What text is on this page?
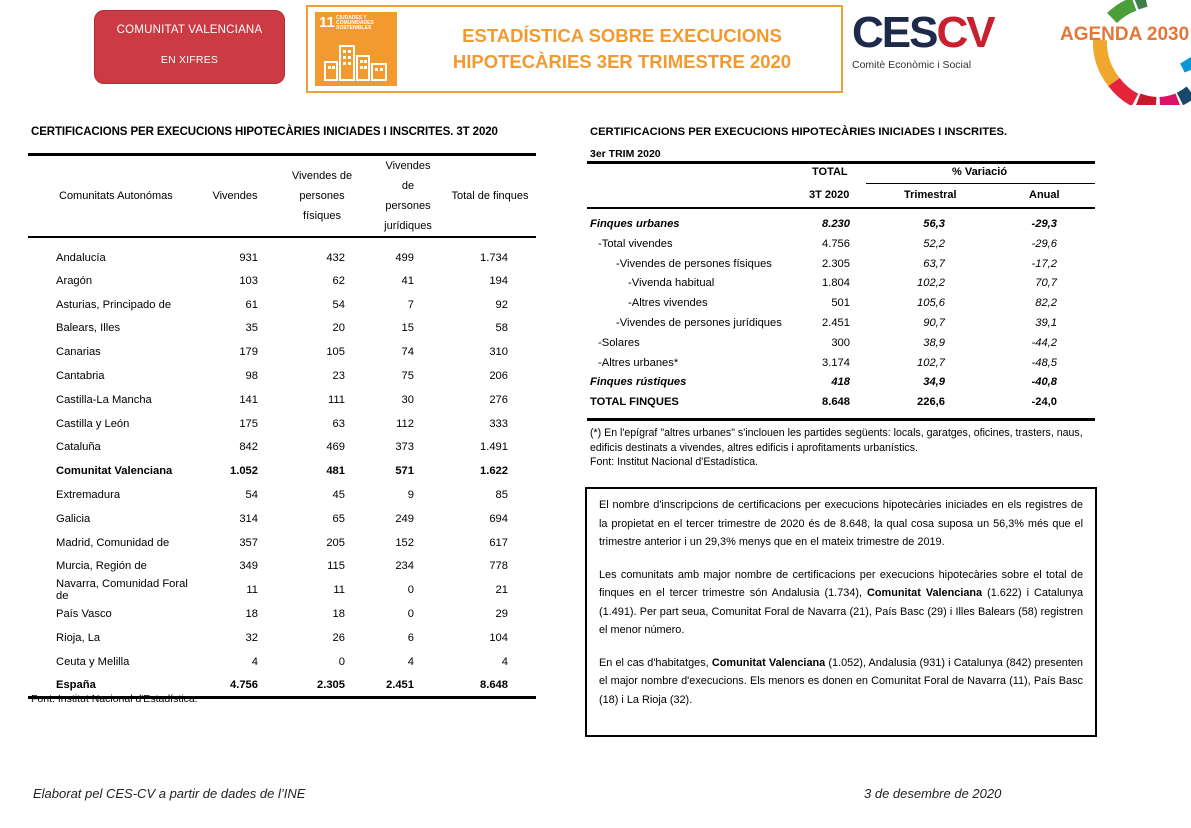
COMUNITAT VALENCIANA
EN XIFRES
11 CIUDADES Y COMUNIDADES SOSTENIBLES	ESTADÍSTICA SOBRE EXECUCIONS
HIPOTECÀRIES 3ER TRIMESTRE 2020
CESCV
Comitè Econòmic i Social
AGENDA 2030
CERTIFICACIONS PER EXECUCIONS HIPOTECÀRIES INICIADES I INSCRITES. 3T 2020
Comunitats Autonómas	Vivendes	Vivendes de persones físiques	Vivendes de persones jurídiques	Total de finques
Andalucía	931	432	499	1.734
Aragón	103	62	41	194
Asturias, Principado de	61	54	7	92
Balears, Illes	35	20	15	58
Canarias	179	105	74	310
Cantabria	98	23	75	206
Castilla-La Mancha	141	111	30	276
Castilla y León	175	63	112	333
Cataluña	842	469	373	1.491
Comunitat Valenciana	1.052	481	571	1.622
Extremadura	54	45	9	85
Galicia	314	65	249	694
Madrid, Comunidad de	357	205	152	617
Murcia, Región de	349	115	234	778
Navarra, Comunidad Foral de	11	11	0	21
País Vasco	18	18	0	29
Rioja, La	32	26	6	104
Ceuta y Melilla	4	0	4	4
España	4.756	2.305	2.451	8.648
Font: Institut Nacional d'Estadística.
CERTIFICACIONS PER EXECUCIONS HIPOTECÀRIES INICIADES I INSCRITES.
3er TRIM 2020
TOTAL	% Variació
3T 2020	Trimestral	Anual
Finques urbanes	8.230	56,3	-29,3
-Total vivendes	4.756	52,2	-29,6
-Vivendes de persones físiques	2.305	63,7	-17,2
-Vivenda habitual	1.804	102,2	70,7
-Altres vivendes	501	105,6	82,2
-Vivendes de persones jurídiques	2.451	90,7	39,1
-Solares	300	38,9	-44,2
-Altres urbanes*	3.174	102,7	-48,5
Finques rústiques	418	34,9	-40,8
TOTAL FINQUES	8.648	226,6	-24,0
(*) En l'epígraf "altres urbanes" s'inclouen les partides següents: locals, garatges, oficines, trasters, naus, edificis destinats a vivendes, altres edificis i aprofitaments urbanístics.
Font: Institut Nacional d'Estadística.

El nombre d'inscripcions de certificacions per execucions hipotecàries iniciades en els registres de la propietat en el tercer trimestre de 2020 és de 8.648, la qual cosa suposa un 56,3% més que el trimestre anterior i un 29,3% menys que en el mateix trimestre de 2019.

Les comunitats amb major nombre de certificacions per execucions hipotecàries sobre el total de finques en el tercer trimestre són Andalusia (1.734), Comunitat Valenciana (1.622) i Catalunya (1.491). Per part seua, Comunitat Foral de Navarra (21), País Basc (29) i Illes Balears (58) registren el menor número.

En el cas d'habitatges, Comunitat Valenciana (1.052), Andalusia (931) i Catalunya (842) presenten el major nombre d'execucions. Els menors es donen en Comunitat Foral de Navarra (11), País Basc (18) i La Rioja (32).

Elaborat pel CES-CV a partir de dades de l’INE	3 de desembre de 2020
